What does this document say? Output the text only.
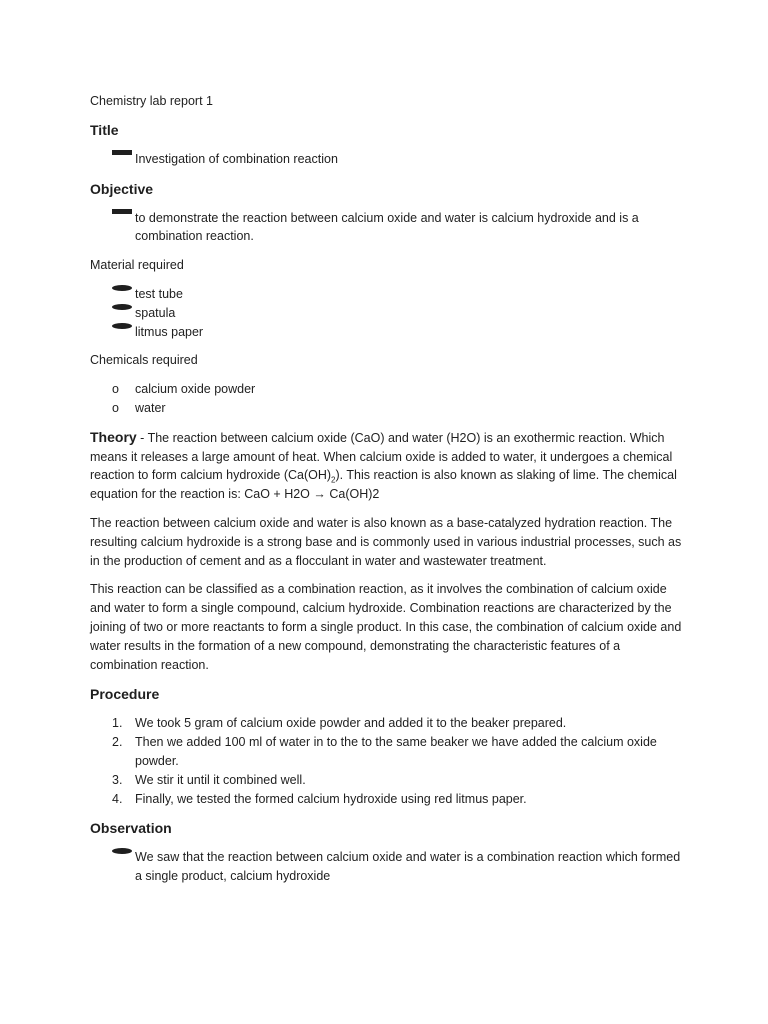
Chemistry lab report 1

Title
Investigation of combination reaction
Objective
to demonstrate the reaction between calcium oxide and water is calcium hydroxide and is a combination reaction.

Material required

test tube
spatula
litmus paper

Chemicals required

o	calcium oxide powder
o	water

Theory - The reaction between calcium oxide (CaO) and water (H2O) is an exothermic reaction. Which means it releases a large amount of heat. When calcium oxide is added to water, it undergoes a chemical reaction to form calcium hydroxide $(Ca(OH)_2)$. This reaction is also known as slaking of lime. The chemical equation for the reaction is: CaO + H2O → Ca(OH)2

The reaction between calcium oxide and water is also known as a base-catalyzed hydration reaction. The resulting calcium hydroxide is a strong base and is commonly used in various industrial processes, such as in the production of cement and as a flocculant in water and wastewater treatment.

This reaction can be classified as a combination reaction, as it involves the combination of calcium oxide and water to form a single compound, calcium hydroxide. Combination reactions are characterized by the joining of two or more reactants to form a single product. In this case, the combination of calcium oxide and water results in the formation of a new compound, demonstrating the characteristic features of a combination reaction.

Procedure
1.	We took 5 gram of calcium oxide powder and added it to the beaker prepared.
2.	Then we added 100 ml of water in to the to the same beaker we have added the calcium oxide powder.
3.	We stir it until it combined well.
4.	Finally, we tested the formed calcium hydroxide using red litmus paper.
Observation
We saw that the reaction between calcium oxide and water is a combination reaction which formed a single product, calcium hydroxide
